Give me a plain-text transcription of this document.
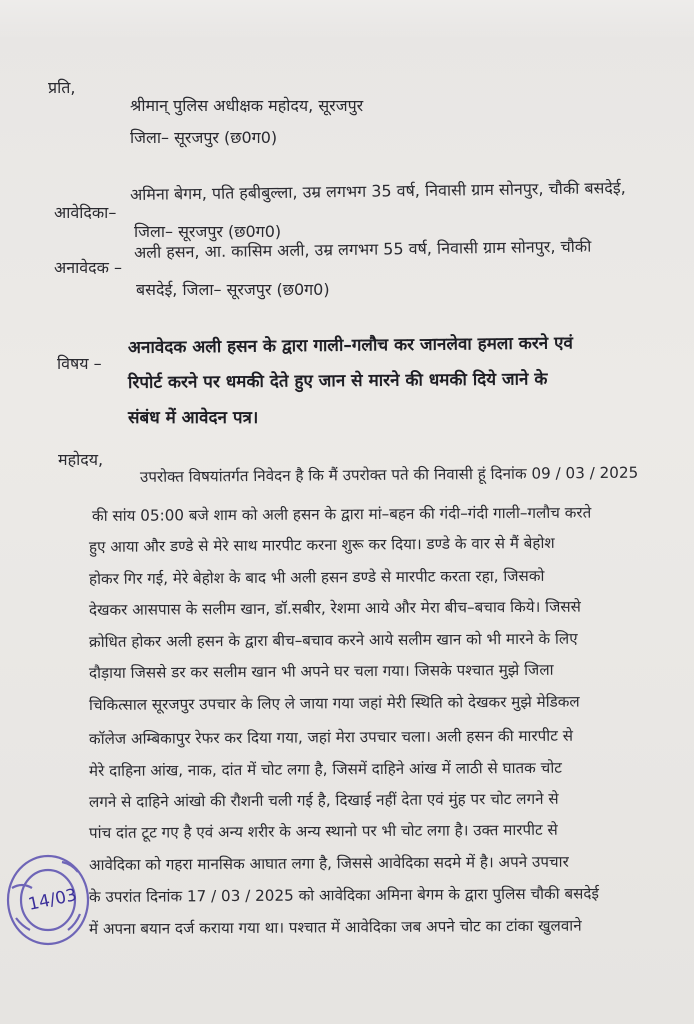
प्रति,
श्रीमान् पुलिस अधीक्षक महोदय, सूरजपुर
जिला– सूरजपुर (छ0ग0)
आवेदिका–
अमिना बेगम, पति हबीबुल्ला, उम्र लगभग 35 वर्ष, निवासी ग्राम सोनपुर, चौकी बसदेई,
जिला– सूरजपुर (छ0ग0)
अनावेदक –
अली हसन, आ. कासिम अली, उम्र लगभग 55 वर्ष, निवासी ग्राम सोनपुर, चौकी
बसदेई, जिला– सूरजपुर (छ0ग0)
विषय –
अनावेदक अली हसन के द्वारा गाली–गलौच कर जानलेवा हमला करने एवं
रिपोर्ट करने पर धमकी देते हुए जान से मारने की धमकी दिये जाने के
संबंध में आवेदन पत्र।
महोदय,
उपरोक्त विषयांतर्गत निवेदन है कि मैं उपरोक्त पते की निवासी हूं दिनांक 09 / 03 / 2025
की सांय 05:00 बजे शाम को अली हसन के द्वारा मां–बहन की गंदी–गंदी गाली–गलौच करते
हुए आया और डण्डे से मेरे साथ मारपीट करना शुरू कर दिया। डण्डे के वार से मैं बेहोश
होकर गिर गई, मेरे बेहोश के बाद भी अली हसन डण्डे से मारपीट करता रहा, जिसको
देखकर आसपास के सलीम खान, डॉ.सबीर, रेशमा आये और मेरा बीच–बचाव किये। जिससे
क्रोधित होकर अली हसन के द्वारा बीच–बचाव करने आये सलीम खान को भी मारने के लिए
दौड़ाया जिससे डर कर सलीम खान भी अपने घर चला गया। जिसके पश्चात मुझे जिला
चिकित्साल सूरजपुर उपचार के लिए ले जाया गया जहां मेरी स्थिति को देखकर मुझे मेडिकल
कॉलेज अम्बिकापुर रेफर कर दिया गया, जहां मेरा उपचार चला। अली हसन की मारपीट से
मेरे दाहिना आंख, नाक, दांत में चोट लगा है, जिसमें दाहिने आंख में लाठी से घातक चोट
लगने से दाहिने आंखो की रौशनी चली गई है, दिखाई नहीं देता एवं मुंह पर चोट लगने से
पांच दांत टूट गए है एवं अन्य शरीर के अन्य स्थानो पर भी चोट लगा है। उक्त मारपीट से
आवेदिका को गहरा मानसिक आघात लगा है, जिससे आवेदिका सदमे में है। अपने उपचार
के उपरांत दिनांक 17 / 03 / 2025 को आवेदिका अमिना बेगम के द्वारा पुलिस चौकी बसदेई
में अपना बयान दर्ज कराया गया था। पश्चात में आवेदिका जब अपने चोट का टांका खुलवाने
14/03
